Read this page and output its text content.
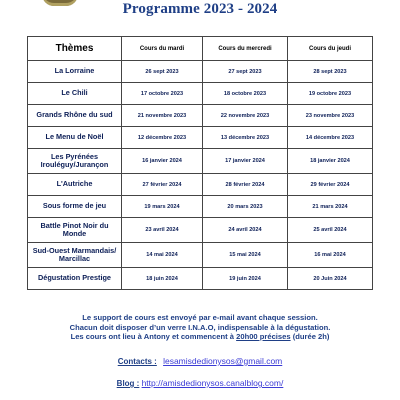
Programme 2023 - 2024
Thèmes	Cours du mardi	Cours du mercredi	Cours du jeudi
La Lorraine	26 sept 2023	27 sept 2023	28 sept 2023
Le Chili	17 octobre 2023	18 octobre 2023	19 octobre 2023
Grands Rhône du sud	21 novembre 2023	22 novembre 2023	23 novembre 2023
Le Menu de Noël	12 décembre 2023	13 décembre 2023	14 décembre 2023
Les Pyrénées Irouléguy/Jurançon	16 janvier 2024	17 janvier 2024	18 janvier 2024
L'Autriche	27 février 2024	28 février 2024	29 février 2024
Sous forme de jeu	19 mars 2024	20 mars 2023	21 mars 2024
Battle Pinot Noir du Monde	23 avril 2024	24 avril 2024	25 avril 2024
Sud-Ouest Marmandais/ Marcillac	14 mai 2024	15 mai 2024	16 mai 2024
Dégustation Prestige	18 juin 2024	19 juin 2024	20 Juin 2024
Le support de cours est envoyé par e-mail avant chaque session.
Chacun doit disposer d’un verre I.N.A.O, indispensable à la dégustation.
Les cours ont lieu à Antony et commencent à 20h00 précises (durée 2h)
Contacts : lesamisdedionysos@gmail.com
Blog : http://amisdedionysos.canalblog.com/
